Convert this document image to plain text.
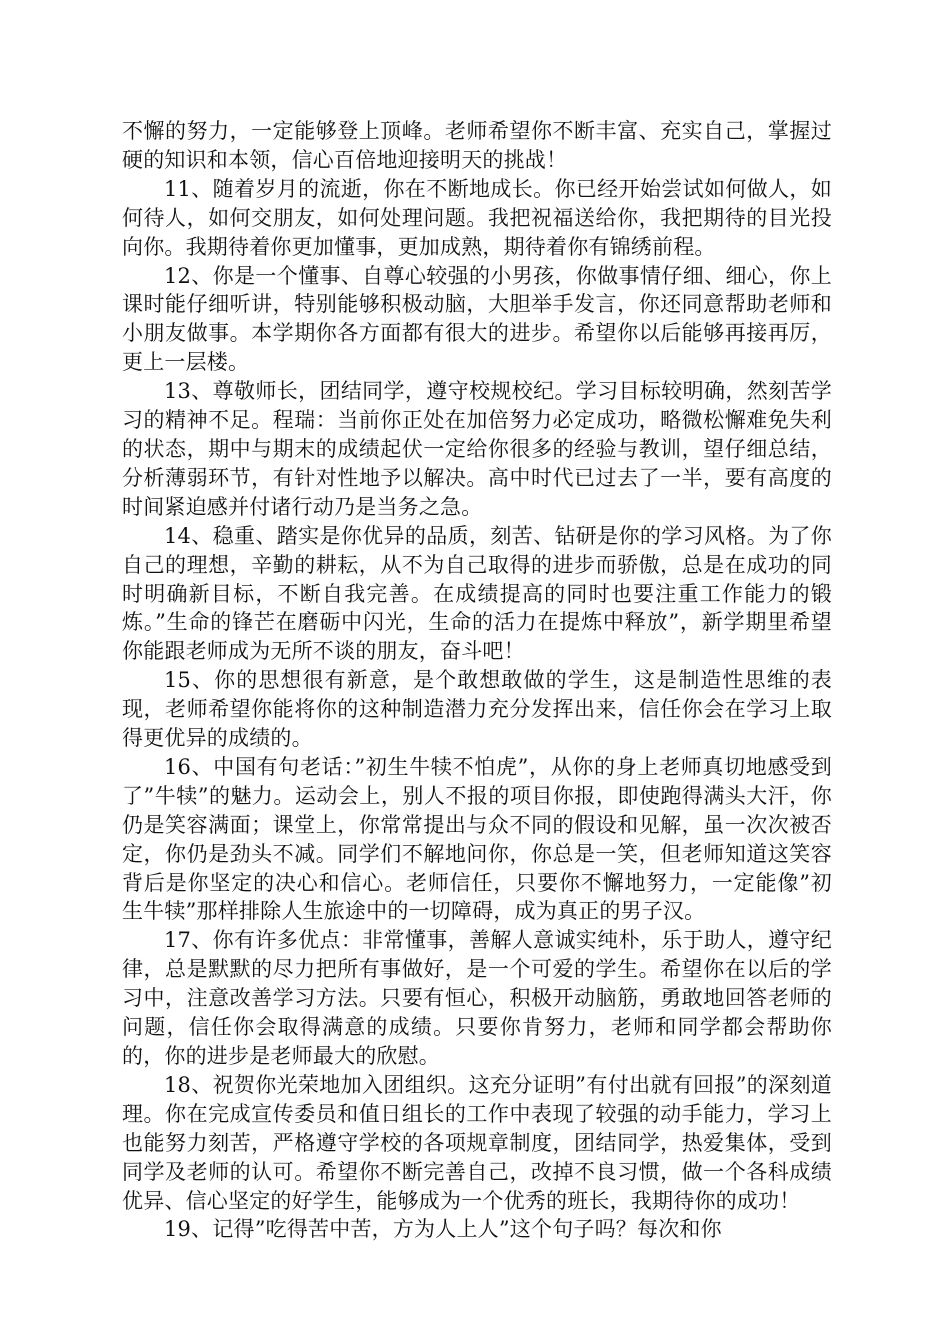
不懈的努力，一定能够登上顶峰。老师希望你不断丰富、充实自己，掌握过硬的知识和本领，信心百倍地迎接明天的挑战！

11、随着岁月的流逝，你在不断地成长。你已经开始尝试如何做人，如何待人，如何交朋友，如何处理问题。我把祝福送给你，我把期待的目光投向你。我期待着你更加懂事，更加成熟，期待着你有锦绣前程。

12、你是一个懂事、自尊心较强的小男孩，你做事情仔细、细心，你上课时能仔细听讲，特别能够积极动脑，大胆举手发言，你还同意帮助老师和小朋友做事。本学期你各方面都有很大的进步。希望你以后能够再接再厉，更上一层楼。

13、尊敬师长，团结同学，遵守校规校纪。学习目标较明确，然刻苦学习的精神不足。程瑞：当前你正处在加倍努力必定成功，略微松懈难免失利的状态，期中与期末的成绩起伏一定给你很多的经验与教训，望仔细总结，分析薄弱环节，有针对性地予以解决。高中时代已过去了一半，要有高度的时间紧迫感并付诸行动乃是当务之急。

14、稳重、踏实是你优异的品质，刻苦、钻研是你的学习风格。为了你自己的理想，辛勤的耕耘，从不为自己取得的进步而骄傲，总是在成功的同时明确新目标，不断自我完善。在成绩提高的同时也要注重工作能力的锻炼。”生命的锋芒在磨砺中闪光，生命的活力在提炼中释放”，新学期里希望你能跟老师成为无所不谈的朋友，奋斗吧！

15、你的思想很有新意，是个敢想敢做的学生，这是制造性思维的表现，老师希望你能将你的这种制造潜力充分发挥出来，信任你会在学习上取得更优异的成绩的。

16、中国有句老话：”初生牛犊不怕虎”，从你的身上老师真切地感受到了”牛犊”的魅力。运动会上，别人不报的项目你报，即使跑得满头大汗，你仍是笑容满面；课堂上，你常常提出与众不同的假设和见解，虽一次次被否定，你仍是劲头不减。同学们不解地问你，你总是一笑，但老师知道这笑容背后是你坚定的决心和信心。老师信任，只要你不懈地努力，一定能像”初生牛犊”那样排除人生旅途中的一切障碍，成为真正的男子汉。

17、你有许多优点：非常懂事，善解人意诚实纯朴，乐于助人，遵守纪律，总是默默的尽力把所有事做好，是一个可爱的学生。希望你在以后的学习中，注意改善学习方法。只要有恒心，积极开动脑筋，勇敢地回答老师的问题，信任你会取得满意的成绩。只要你肯努力，老师和同学都会帮助你的，你的进步是老师最大的欣慰。

18、祝贺你光荣地加入团组织。这充分证明”有付出就有回报”的深刻道理。你在完成宣传委员和值日组长的工作中表现了较强的动手能力，学习上也能努力刻苦，严格遵守学校的各项规章制度，团结同学，热爱集体，受到同学及老师的认可。希望你不断完善自己，改掉不良习惯，做一个各科成绩优异、信心坚定的好学生，能够成为一个优秀的班长，我期待你的成功！

19、记得”吃得苦中苦，方为人上人”这个句子吗？每次和你
